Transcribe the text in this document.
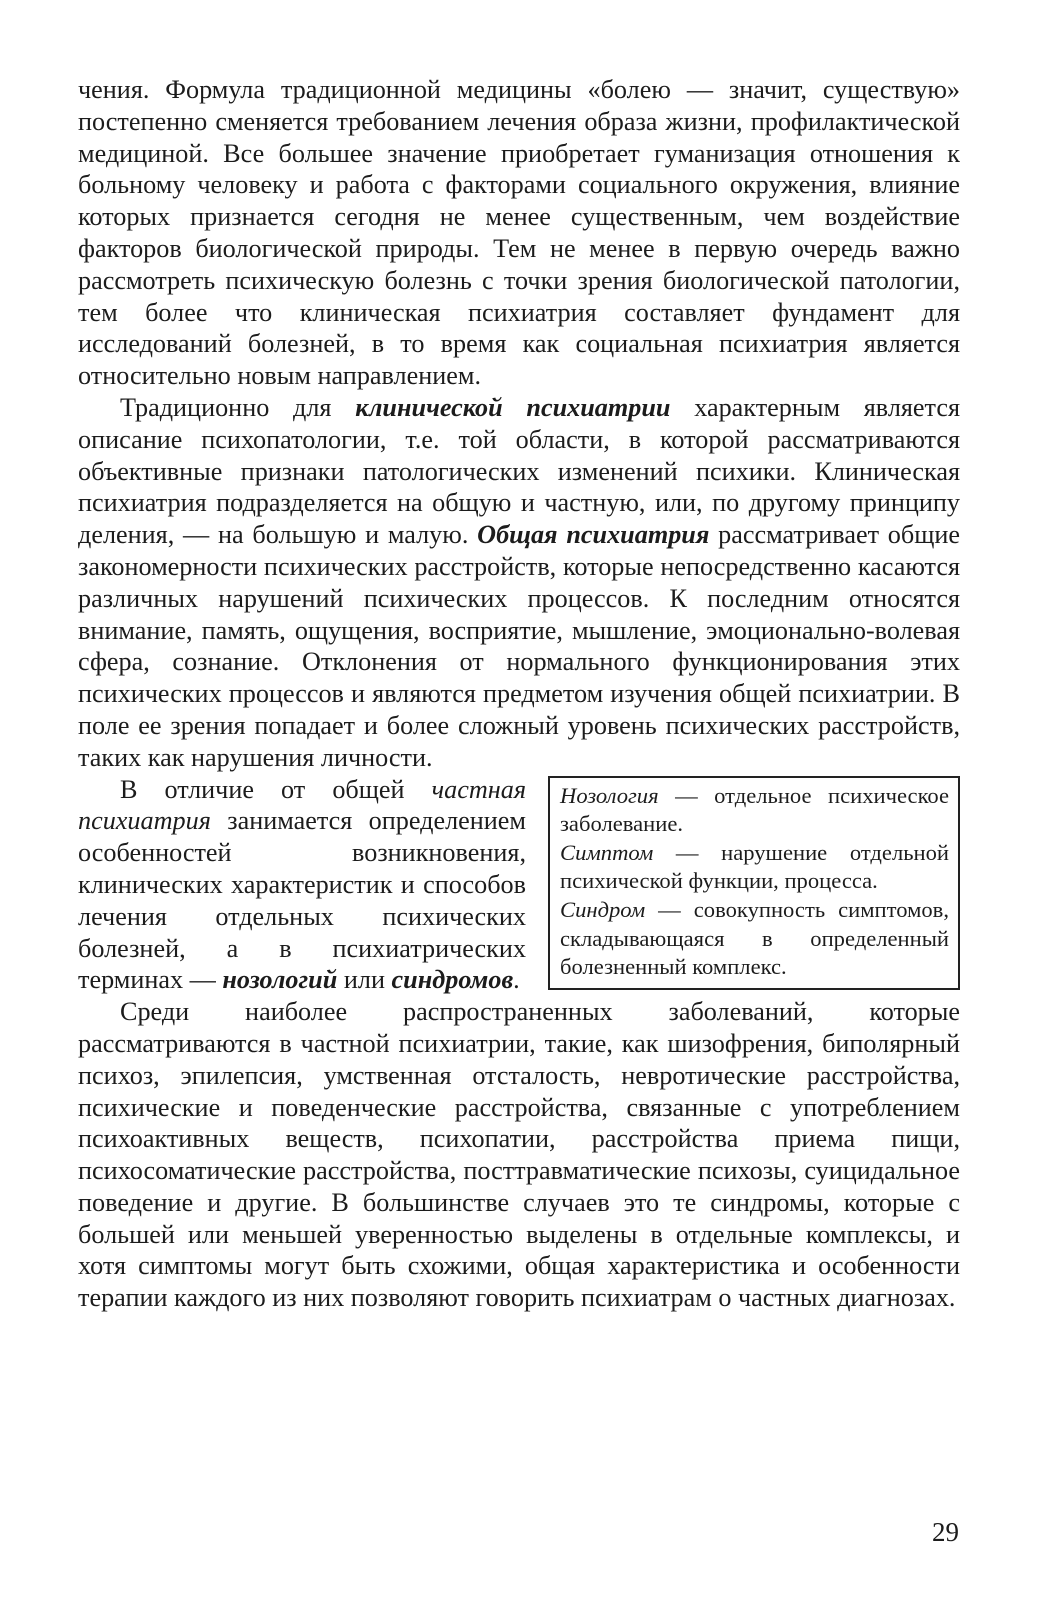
чения. Формула традиционной медицины «болею — значит, существую» постепенно сменяется требованием лечения образа жизни, профилактической медициной. Все большее значение приобретает гуманизация отношения к больному человеку и работа с факторами социального окружения, влияние которых признается сегодня не менее существенным, чем воздействие факторов биологической природы. Тем не менее в первую очередь важно рассмотреть психическую болезнь с точки зрения биологической патологии, тем более что клиническая психиатрия составляет фундамент для исследований болезней, в то время как социальная психиатрия является относительно новым направлением.

Традиционно для клинической психиатрии характерным является описание психопатологии, т.е. той области, в которой рассматриваются объективные признаки патологических изменений психики. Клиническая психиатрия подразделяется на общую и частную, или, по другому принципу деления, — на большую и малую. Общая психиатрия рассматривает общие закономерности психических расстройств, которые непосредственно касаются различных нарушений психических процессов. К последним относятся внимание, память, ощущения, восприятие, мышление, эмоционально-волевая сфера, сознание. Отклонения от нормального функционирования этих психических процессов и являются предметом изучения общей психиатрии. В поле ее зрения попадает и более сложный уровень психических расстройств, таких как нарушения личности.

Нозология — отдельное психическое заболевание.
Симптом — нарушение отдельной психической функции, процесса.
Синдром — совокупность симптомов, складывающаяся в определенный болезненный комплекс.

В отличие от общей частная психиатрия занимается определением особенностей возникновения, клинических характеристик и способов лечения отдельных психических болезней, а в психиатрических терминах — нозологий или синдромов.

Среди наиболее распространенных заболеваний, которые рассматриваются в частной психиатрии, такие, как шизофрения, биполярный психоз, эпилепсия, умственная отсталость, невротические расстройства, психические и поведенческие расстройства, связанные с употреблением психоактивных веществ, психопатии, расстройства приема пищи, психосоматические расстройства, посттравматические психозы, суицидальное поведение и другие. В большинстве случаев это те синдромы, которые с большей или меньшей уверенностью выделены в отдельные комплексы, и хотя симптомы могут быть схожими, общая характеристика и особенности терапии каждого из них позволяют говорить психиатрам о частных диагнозах.

29
